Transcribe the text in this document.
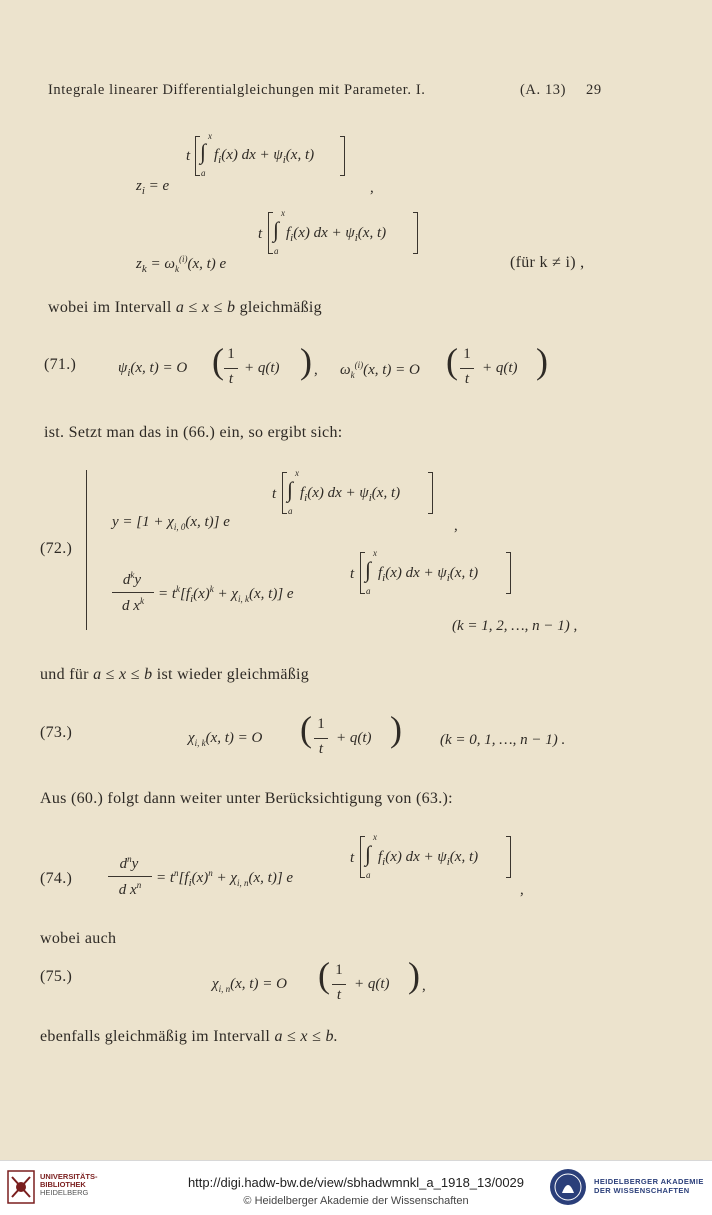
Integrale linearer Differentialgleichungen mit Parameter. I.	(A. 13) 29
t ∫
x
a
$f_i(x)$ dx + $\psi_i(x$, t)
$z_i = e$	,
t ∫
x
a
$f_i(x)$ dx + $\psi_i(x$, t)
$z_k = \omega_k^{(i)}(x$, t) e	(für k ≠ i) ,
wobei im Intervall a ≤ x ≤ b gleichmäßig
(71.)	$\psi_i(x$, t) = O ( 1
t
+ q(t) ) , $\omega_k^{(i)}(x$, t) = O ( 1
t
+ q(t) )
ist. Setzt man das in (66.) ein, so ergibt sich:
(72.)
t ∫
x
a
$f_i(x)$ dx + $\psi_i(x$, t)
$y = [1 + \chi_{i, 0}(x$, t)] e	,
t ∫
x
a
$f_i(x)$ dx + $\psi_i(x$, t)
$d^ky$
d $x^k = t^k[f_i(x)^k + \chi_{i, k}(x$, t)] e
(k = 1, 2, …, n − 1) ,
und für a ≤ x ≤ b ist wieder gleichmäßig
(73.)	$\chi_{i, k}(x$, t) = O ( 1
t
+ q(t) )	(k = 0, 1, …, n − 1) .
Aus (60.) folgt dann weiter unter Berücksichtigung von (63.):
(74.)
$d^ny$
d $x^n = t^n[f_i(x)^n + \chi_{i, n}(x$, t)] e
t ∫
x
a
$f_i(x)$ dx + $\psi_i(x$, t)
,
wobei auch
(75.)	$\chi_{i, n}(x$, t) = O ( 1
t
+ q(t) ) ,
ebenfalls gleichmäßig im Intervall a ≤ x ≤ b.
UNIVERSITÄTS-
BIBLIOTHEK
HEIDELBERG
http://digi.hadw-bw.de/view/sbhadwmnkl_a_1918_13/0029
© Heidelberger Akademie der Wissenschaften
HEIDELBERGER AKADEMIE
DER WISSENSCHAFTEN
